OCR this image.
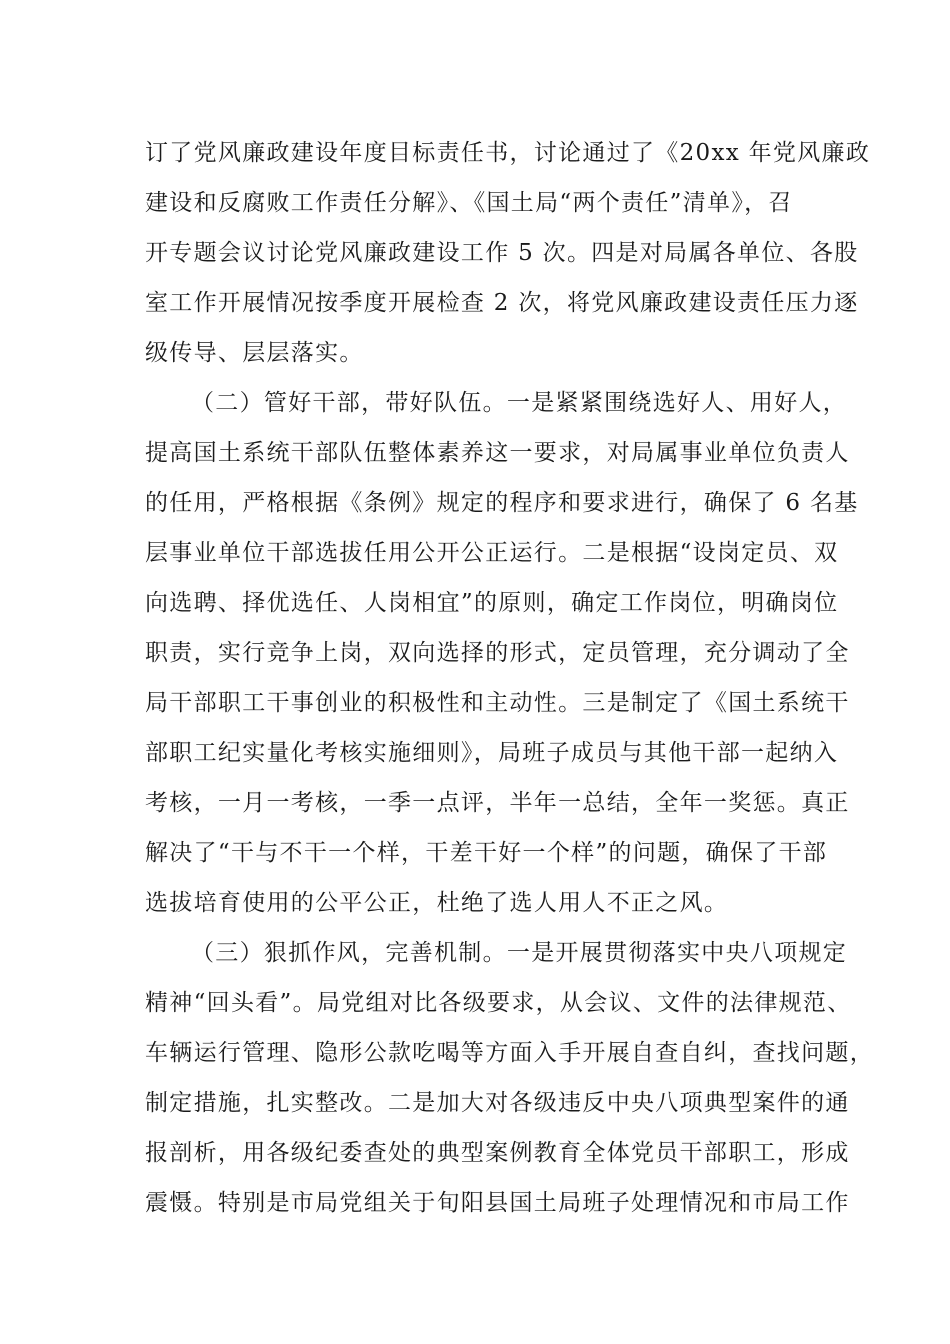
订了党风廉政建设年度目标责任书，讨论通过了《20xx 年党风廉政
建设和反腐败工作责任分解》、《国土局“两个责任”清单》，召
开专题会议讨论党风廉政建设工作 5 次。四是对局属各单位、各股
室工作开展情况按季度开展检查 2 次，将党风廉政建设责任压力逐
级传导、层层落实。
（二）管好干部，带好队伍。一是紧紧围绕选好人、用好人，
提高国土系统干部队伍整体素养这一要求，对局属事业单位负责人
的任用，严格根据《条例》规定的程序和要求进行，确保了 6 名基
层事业单位干部选拔任用公开公正运行。二是根据“设岗定员、双
向选聘、择优选任、人岗相宜”的原则，确定工作岗位，明确岗位
职责，实行竞争上岗，双向选择的形式，定员管理，充分调动了全
局干部职工干事创业的积极性和主动性。三是制定了《国土系统干
部职工纪实量化考核实施细则》，局班子成员与其他干部一起纳入
考核，一月一考核，一季一点评，半年一总结，全年一奖惩。真正
解决了“干与不干一个样，干差干好一个样”的问题，确保了干部
选拔培育使用的公平公正，杜绝了选人用人不正之风。
（三）狠抓作风，完善机制。一是开展贯彻落实中央八项规定
精神“回头看”。局党组对比各级要求，从会议、文件的法律规范、
车辆运行管理、隐形公款吃喝等方面入手开展自查自纠，查找问题，
制定措施，扎实整改。二是加大对各级违反中央八项典型案件的通
报剖析，用各级纪委查处的典型案例教育全体党员干部职工，形成
震慑。特别是市局党组关于旬阳县国土局班子处理情况和市局工作
